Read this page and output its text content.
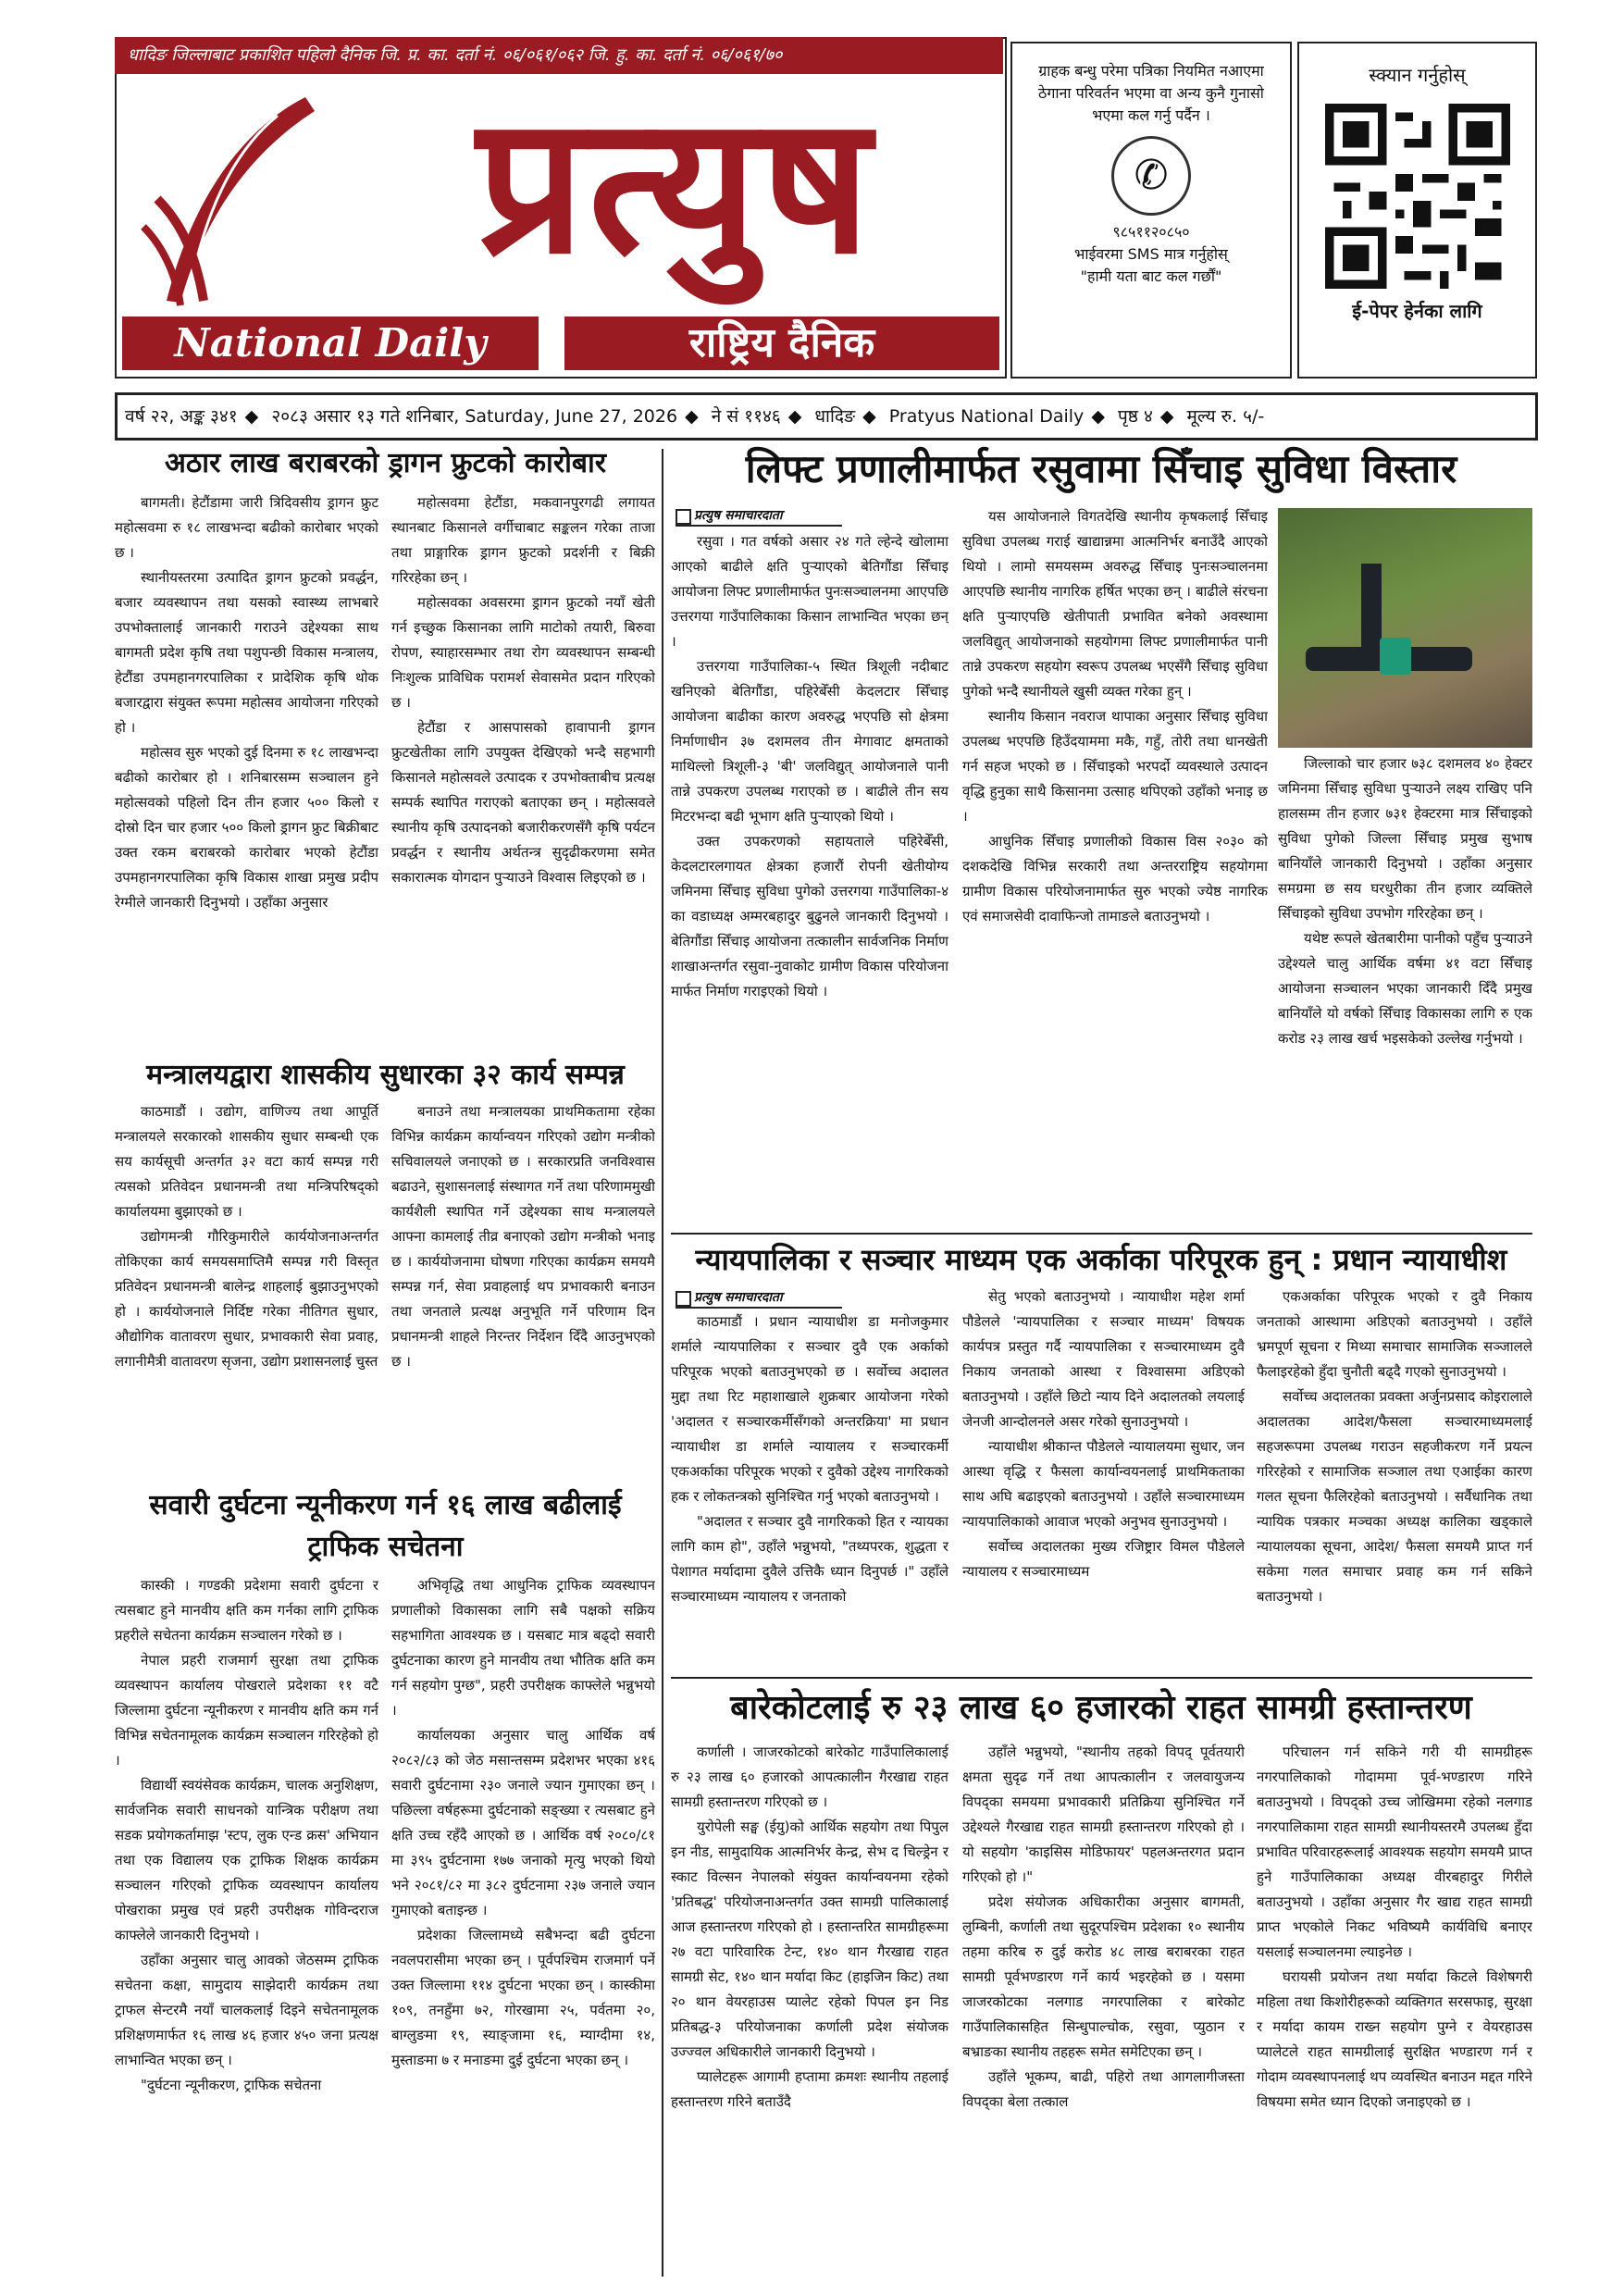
धादिङ जिल्लाबाट प्रकाशित पहिलो दैनिक जि. प्र. का. दर्ता नं. ०६/०६१/०६२ जि. हु. का. दर्ता नं. ०६/०६१/७०
प्रत्युष
National Daily	राष्ट्रिय दैनिक
ग्राहक बन्धु परेमा पत्रिका नियमित नआएमा ठेगाना परिवर्तन भएमा वा अन्य कुनै गुनासो भएमा कल गर्नु पर्दैन ।
✆
९८५११२०८५०
भाईवरमा SMS मात्र गर्नुहोस्
"हामी यता बाट कल गर्छौं"
स्क्यान गर्नुहोस्
ई-पेपर हेर्नका लागि
वर्ष २२, अङ्क ३४१ ◆ २०८३ असार १३ गते शनिबार, Saturday, June 27, 2026 ◆ ने सं ११४६ ◆ धादिङ ◆ Pratyus National Daily ◆ पृष्ठ ४ ◆ मूल्य रु. ५/-
अठार लाख बराबरको ड्रागन फ्रुटको कारोबार

बागमती। हेटौंडामा जारी त्रिदिवसीय ड्रागन फ्रुट महोत्सवमा रु १८ लाखभन्दा बढीको कारोबार भएको छ ।

स्थानीयस्तरमा उत्पादित ड्रागन फ्रुटको प्रवर्द्धन, बजार व्यवस्थापन तथा यसको स्वास्थ्य लाभबारे उपभोक्तालाई जानकारी गराउने उद्देश्यका साथ बागमती प्रदेश कृषि तथा पशुपन्छी विकास मन्त्रालय, हेटौंडा उपमहानगरपालिका र प्रादेशिक कृषि थोक बजारद्वारा संयुक्त रूपमा महोत्सव आयोजना गरिएको हो ।

महोत्सव सुरु भएको दुई दिनमा रु १८ लाखभन्दा बढीको कारोबार हो । शनिबारसम्म सञ्चालन हुने महोत्सवको पहिलो दिन तीन हजार ५०० किलो र दोस्रो दिन चार हजार ५०० किलो ड्रागन फ्रुट बिक्रीबाट उक्त रकम बराबरको कारोबार भएको हेटौंडा उपमहानगरपालिका कृषि विकास शाखा प्रमुख प्रदीप रेग्मीले जानकारी दिनुभयो । उहाँका अनुसार

महोत्सवमा हेटौंडा, मकवानपुरगढी लगायत स्थानबाट किसानले वर्गीचाबाट सङ्कलन गरेका ताजा तथा प्राङ्गारिक ड्रागन फ्रुटको प्रदर्शनी र बिक्री गरिरहेका छन् ।

महोत्सवका अवसरमा ड्रागन फ्रुटको नयाँ खेती गर्न इच्छुक किसानका लागि माटोको तयारी, बिरुवा रोपण, स्याहारसम्भार तथा रोग व्यवस्थापन सम्बन्धी निःशुल्क प्राविधिक परामर्श सेवासमेत प्रदान गरिएको छ ।

हेटौंडा र आसपासको हावापानी ड्रागन फ्रुटखेतीका लागि उपयुक्त देखिएको भन्दै सहभागी किसानले महोत्सवले उत्पादक र उपभोक्ताबीच प्रत्यक्ष सम्पर्क स्थापित गराएको बताएका छन् । महोत्सवले स्थानीय कृषि उत्पादनको बजारीकरणसँगै कृषि पर्यटन प्रवर्द्धन र स्थानीय अर्थतन्त्र सुदृढीकरणमा समेत सकारात्मक योगदान पुर्‍याउने विश्वास लिइएको छ ।

मन्त्रालयद्वारा शासकीय सुधारका ३२ कार्य सम्पन्न

काठमाडौं । उद्योग, वाणिज्य तथा आपूर्ति मन्त्रालयले सरकारको शासकीय सुधार सम्बन्धी एक सय कार्यसूची अन्तर्गत ३२ वटा कार्य सम्पन्न गरी त्यसको प्रतिवेदन प्रधानमन्त्री तथा मन्त्रिपरिषद्को कार्यालयमा बुझाएको छ ।

उद्योगमन्त्री गौरिकुमारीले कार्ययोजनाअन्तर्गत तोकिएका कार्य समयसमाप्तिमै सम्पन्न गरी विस्तृत प्रतिवेदन प्रधानमन्त्री बालेन्द्र शाहलाई बुझाउनुभएको हो । कार्ययोजनाले निर्दिष्ट गरेका नीतिगत सुधार, औद्योगिक वातावरण सुधार, प्रभावकारी सेवा प्रवाह, लगानीमैत्री वातावरण सृजना, उद्योग प्रशासनलाई चुस्त

बनाउने तथा मन्त्रालयका प्राथमिकतामा रहेका विभिन्न कार्यक्रम कार्यान्वयन गरिएको उद्योग मन्त्रीको सचिवालयले जनाएको छ । सरकारप्रति जनविश्वास बढाउने, सुशासनलाई संस्थागत गर्ने तथा परिणाममुखी कार्यशैली स्थापित गर्ने उद्देश्यका साथ मन्त्रालयले आफ्ना कामलाई तीव्र बनाएको उद्योग मन्त्रीको भनाइ छ । कार्ययोजनामा घोषणा गरिएका कार्यक्रम समयमै सम्पन्न गर्न, सेवा प्रवाहलाई थप प्रभावकारी बनाउन तथा जनताले प्रत्यक्ष अनुभूति गर्ने परिणाम दिन प्रधानमन्त्री शाहले निरन्तर निर्देशन दिँदै आउनुभएको छ ।

सवारी दुर्घटना न्यूनीकरण गर्न १६ लाख बढीलाई
ट्राफिक सचेतना

कास्की । गण्डकी प्रदेशमा सवारी दुर्घटना र त्यसबाट हुने मानवीय क्षति कम गर्नका लागि ट्राफिक प्रहरीले सचेतना कार्यक्रम सञ्चालन गरेको छ ।

नेपाल प्रहरी राजमार्ग सुरक्षा तथा ट्राफिक व्यवस्थापन कार्यालय पोखराले प्रदेशका ११ वटै जिल्लामा दुर्घटना न्यूनीकरण र मानवीय क्षति कम गर्न विभिन्न सचेतनामूलक कार्यक्रम सञ्चालन गरिरहेको हो ।

विद्यार्थी स्वयंसेवक कार्यक्रम, चालक अनुशिक्षण, सार्वजनिक सवारी साधनको यान्त्रिक परीक्षण तथा सडक प्रयोगकर्तामाझ 'स्टप, लुक एन्ड क्रस' अभियान तथा एक विद्यालय एक ट्राफिक शिक्षक कार्यक्रम सञ्चालन गरिएको ट्राफिक व्यवस्थापन कार्यालय पोखराका प्रमुख एवं प्रहरी उपरीक्षक गोविन्दराज काफ्लेले जानकारी दिनुभयो ।

उहाँका अनुसार चालु आवको जेठसम्म ट्राफिक सचेतना कक्षा, सामुदाय साझेदारी कार्यक्रम तथा ट्राफल सेन्टरमै नयाँ चालकलाई दिइने सचेतनामूलक प्रशिक्षणमार्फत १६ लाख ४६ हजार ४५० जना प्रत्यक्ष लाभान्वित भएका छन् ।

"दुर्घटना न्यूनीकरण, ट्राफिक सचेतना

अभिवृद्धि तथा आधुनिक ट्राफिक व्यवस्थापन प्रणालीको विकासका लागि सबै पक्षको सक्रिय सहभागिता आवश्यक छ । यसबाट मात्र बढ्दो सवारी दुर्घटनाका कारण हुने मानवीय तथा भौतिक क्षति कम गर्न सहयोग पुग्छ", प्रहरी उपरीक्षक काफ्लेले भन्नुभयो ।

कार्यालयका अनुसार चालु आर्थिक वर्ष २०८२/८३ को जेठ मसान्तसम्म प्रदेशभर भएका ४१६ सवारी दुर्घटनामा २३० जनाले ज्यान गुमाएका छन् । पछिल्ला वर्षहरूमा दुर्घटनाको सङ्ख्या र त्यसबाट हुने क्षति उच्च रहँदै आएको छ । आर्थिक वर्ष २०८०/८१ मा ३९५ दुर्घटनामा १७७ जनाको मृत्यु भएको थियो भने २०८१/८२ मा ३८२ दुर्घटनामा २३७ जनाले ज्यान गुमाएको बताइन्छ ।

प्रदेशका जिल्लामध्ये सबैभन्दा बढी दुर्घटना नवलपरासीमा भएका छन् । पूर्वपश्चिम राजमार्ग पर्ने उक्त जिल्लामा ११४ दुर्घटना भएका छन् । कास्कीमा १०९, तनहुँमा ७२, गोरखामा २५, पर्वतमा २०, बाग्लुङमा १९, स्याङ्जामा १६, म्याग्दीमा १४, मुस्ताङमा ७ र मनाङमा दुई दुर्घटना भएका छन् ।

लिफ्ट प्रणालीमार्फत रसुवामा सिँचाइ सुविधा विस्तार
प्रत्युष समाचारदाता

रसुवा । गत वर्षको असार २४ गते ल्हेन्दे खोलामा आएको बाढीले क्षति पुर्‍याएको बेतिगौंडा सिँचाइ आयोजना लिफ्ट प्रणालीमार्फत पुनःसञ्चालनमा आएपछि उत्तरगया गाउँपालिकाका किसान लाभान्वित भएका छन् ।

उत्तरगया गाउँपालिका-५ स्थित त्रिशूली नदीबाट खनिएको बेतिगौंडा, पहिरेबेँसी केदलटार सिँचाइ आयोजना बाढीका कारण अवरुद्ध भएपछि सो क्षेत्रमा निर्माणाधीन ३७ दशमलव तीन मेगावाट क्षमताको माथिल्लो त्रिशूली-३ 'बी' जलविद्युत् आयोजनाले पानी तान्ने उपकरण उपलब्ध गराएको छ । बाढीले तीन सय मिटरभन्दा बढी भूभाग क्षति पुर्‍याएको थियो ।

उक्त उपकरणको सहायताले पहिरेबेँसी, केदलटारलगायत क्षेत्रका हजारौं रोपनी खेतीयोग्य जमिनमा सिँचाइ सुविधा पुगेको उत्तरगया गाउँपालिका-४ का वडाध्यक्ष अम्मरबहादुर बुढुनले जानकारी दिनुभयो । बेतिगौंडा सिँचाइ आयोजना तत्कालीन सार्वजनिक निर्माण शाखाअन्तर्गत रसुवा-नुवाकोट ग्रामीण विकास परियोजना मार्फत निर्माण गराइएको थियो ।

यस आयोजनाले विगतदेखि स्थानीय कृषकलाई सिँचाइ सुविधा उपलब्ध गराई खाद्यान्नमा आत्मनिर्भर बनाउँदै आएको थियो । लामो समयसम्म अवरुद्ध सिँचाइ पुनःसञ्चालनमा आएपछि स्थानीय नागरिक हर्षित भएका छन् । बाढीले संरचना क्षति पुर्‍याएपछि खेतीपाती प्रभावित बनेको अवस्थामा जलविद्युत् आयोजनाको सहयोगमा लिफ्ट प्रणालीमार्फत पानी तान्ने उपकरण सहयोग स्वरूप उपलब्ध भएसँगै सिँचाइ सुविधा पुगेको भन्दै स्थानीयले खुसी व्यक्त गरेका हुन् ।

स्थानीय किसान नवराज थापाका अनुसार सिँचाइ सुविधा उपलब्ध भएपछि हिउँदयाममा मकै, गहुँ, तोरी तथा धानखेती गर्न सहज भएको छ । सिँचाइको भरपर्दो व्यवस्थाले उत्पादन वृद्धि हुनुका साथै किसानमा उत्साह थपिएको उहाँको भनाइ छ ।

आधुनिक सिँचाइ प्रणालीको विकास विस २०३० को दशकदेखि विभिन्न सरकारी तथा अन्तरराष्ट्रिय सहयोगमा ग्रामीण विकास परियोजनामार्फत सुरु भएको ज्येष्ठ नागरिक एवं समाजसेवी दावाफिन्जो तामाङले बताउनुभयो ।

जिल्लाको चार हजार ७३८ दशमलव ४० हेक्टर जमिनमा सिँचाइ सुविधा पुर्‍याउने लक्ष्य राखिए पनि हालसम्म तीन हजार ७३१ हेक्टरमा मात्र सिँचाइको सुविधा पुगेको जिल्ला सिँचाइ प्रमुख सुभाष बानियाँले जानकारी दिनुभयो । उहाँका अनुसार समग्रमा छ सय घरधुरीका तीन हजार व्यक्तिले सिँचाइको सुविधा उपभोग गरिरहेका छन् ।

यथेष्ट रूपले खेतबारीमा पानीको पहुँच पुर्‍याउने उद्देश्यले चालु आर्थिक वर्षमा ४१ वटा सिँचाइ आयोजना सञ्चालन भएका जानकारी दिँदै प्रमुख बानियाँले यो वर्षको सिँचाइ विकासका लागि रु एक करोड २३ लाख खर्च भइसकेको उल्लेख गर्नुभयो ।

न्यायपालिका र सञ्चार माध्यम एक अर्काका परिपूरक हुन् : प्रधान न्यायाधीश
प्रत्युष समाचारदाता

काठमाडौं । प्रधान न्यायाधीश डा मनोजकुमार शर्माले न्यायपालिका र सञ्चार दुवै एक अर्काको परिपूरक भएको बताउनुभएको छ । सर्वोच्च अदालत मुद्दा तथा रिट महाशाखाले शुक्रबार आयोजना गरेको 'अदालत र सञ्चारकर्मीसँगको अन्तरक्रिया' मा प्रधान न्यायाधीश डा शर्माले न्यायालय र सञ्चारकर्मी एकअर्काका परिपूरक भएको र दुवैको उद्देश्य नागरिकको हक र लोकतन्त्रको सुनिश्चित गर्नु भएको बताउनुभयो ।

"अदालत र सञ्चार दुवै नागरिकको हित र न्यायका लागि काम हो", उहाँले भन्नुभयो, "तथ्यपरक, शुद्धता र पेशागत मर्यादामा दुवैले उत्तिकै ध्यान दिनुपर्छ ।" उहाँले सञ्चारमाध्यम न्यायालय र जनताको

सेतु भएको बताउनुभयो । न्यायाधीश महेश शर्मा पौडेलले 'न्यायपालिका र सञ्चार माध्यम' विषयक कार्यपत्र प्रस्तुत गर्दै न्यायपालिका र सञ्चारमाध्यम दुवै निकाय जनताको आस्था र विश्वासमा अडिएको बताउनुभयो । उहाँले छिटो न्याय दिने अदालतको लयलाई जेनजी आन्दोलनले असर गरेको सुनाउनुभयो ।

न्यायाधीश श्रीकान्त पौडेलले न्यायालयमा सुधार, जन आस्था वृद्धि र फैसला कार्यान्वयनलाई प्राथमिकताका साथ अघि बढाइएको बताउनुभयो । उहाँले सञ्चारमाध्यम न्यायपालिकाको आवाज भएको अनुभव सुनाउनुभयो ।

सर्वोच्च अदालतका मुख्य रजिष्ट्रार विमल पौडेलले न्यायालय र सञ्चारमाध्यम

एकअर्काका परिपूरक भएको र दुवै निकाय जनताको आस्थामा अडिएको बताउनुभयो । उहाँले भ्रमपूर्ण सूचना र मिथ्या समाचार सामाजिक सञ्जालले फैलाइरहेको हुँदा चुनौती बढ्दै गएको सुनाउनुभयो ।

सर्वोच्च अदालतका प्रवक्ता अर्जुनप्रसाद कोइरालाले अदालतका आदेश/फैसला सञ्चारमाध्यमलाई सहजरूपमा उपलब्ध गराउन सहजीकरण गर्ने प्रयत्न गरिरहेको र सामाजिक सञ्जाल तथा एआईका कारण गलत सूचना फैलिरहेको बताउनुभयो । सर्वैधानिक तथा न्यायिक पत्रकार मञ्चका अध्यक्ष कालिका खड्काले न्यायालयका सूचना, आदेश/ फैसला समयमै प्राप्त गर्न सकेमा गलत समाचार प्रवाह कम गर्न सकिने बताउनुभयो ।

बारेकोटलाई रु २३ लाख ६० हजारको राहत सामग्री हस्तान्तरण

कर्णाली । जाजरकोटको बारेकोट गाउँपालिकालाई रु २३ लाख ६० हजारको आपत्कालीन गैरखाद्य राहत सामग्री हस्तान्तरण गरिएको छ ।

युरोपेली सङ्घ (ईयु)को आर्थिक सहयोग तथा पिपुल इन नीड, सामुदायिक आत्मनिर्भर केन्द्र, सेभ द चिल्ड्रेन र स्काट विल्सन नेपालको संयुक्त कार्यान्वयनमा रहेको 'प्रतिबद्ध' परियोजनाअन्तर्गत उक्त सामग्री पालिकालाई आज हस्तान्तरण गरिएको हो । हस्तान्तरित सामग्रीहरूमा २७ वटा पारिवारिक टेन्ट, १४० थान गैरखाद्य राहत सामग्री सेट, १४० थान मर्यादा किट (हाइजिन किट) तथा २० थान वेयरहाउस प्यालेट रहेको पिपल इन निड प्रतिबद्ध-३ परियोजनाका कर्णाली प्रदेश संयोजक उज्ज्वल अधिकारीले जानकारी दिनुभयो ।

प्यालेटहरू आगामी हप्तामा क्रमशः स्थानीय तहलाई हस्तान्तरण गरिने बताउँदै

उहाँले भन्नुभयो, "स्थानीय तहको विपद् पूर्वतयारी क्षमता सुदृढ गर्ने तथा आपत्कालीन र जलवायुजन्य विपद्का समयमा प्रभावकारी प्रतिक्रिया सुनिश्चित गर्ने उद्देश्यले गैरखाद्य राहत सामग्री हस्तान्तरण गरिएको हो । यो सहयोग 'काइसिस मोडिफायर' पहलअन्तरगत प्रदान गरिएको हो ।"

प्रदेश संयोजक अधिकारीका अनुसार बागमती, लुम्बिनी, कर्णाली तथा सुदूरपश्चिम प्रदेशका १० स्थानीय तहमा करिब रु दुई करोड ४८ लाख बराबरका राहत सामग्री पूर्वभण्डारण गर्ने कार्य भइरहेको छ । यसमा जाजरकोटका नलगाड नगरपालिका र बारेकोट गाउँपालिकासहित सिन्धुपाल्चोक, रसुवा, प्युठान र बभ्राङका स्थानीय तहहरू समेत समेटिएका छन् ।

उहाँले भूकम्प, बाढी, पहिरो तथा आगलागीजस्ता विपद्का बेला तत्काल

परिचालन गर्न सकिने गरी यी सामग्रीहरू नगरपालिकाको गोदाममा पूर्व-भण्डारण गरिने बताउनुभयो । विपद्को उच्च जोखिममा रहेको नलगाड नगरपालिकामा राहत सामग्री स्थानीयस्तरमै उपलब्ध हुँदा प्रभावित परिवारहरूलाई आवश्यक सहयोग समयमै प्राप्त हुने गाउँपालिकाका अध्यक्ष वीरबहादुर गिरीले बताउनुभयो । उहाँका अनुसार गैर खाद्य राहत सामग्री प्राप्त भएकोले निकट भविष्यमै कार्यविधि बनाएर यसलाई सञ्चालनमा ल्याइनेछ ।

घरायसी प्रयोजन तथा मर्यादा किटले विशेषगरी महिला तथा किशोरीहरूको व्यक्तिगत सरसफाइ, सुरक्षा र मर्यादा कायम राख्न सहयोग पुग्ने र वेयरहाउस प्यालेटले राहत सामग्रीलाई सुरक्षित भण्डारण गर्न र गोदाम व्यवस्थापनलाई थप व्यवस्थित बनाउन मद्दत गरिने विषयमा समेत ध्यान दिएको जनाइएको छ ।
